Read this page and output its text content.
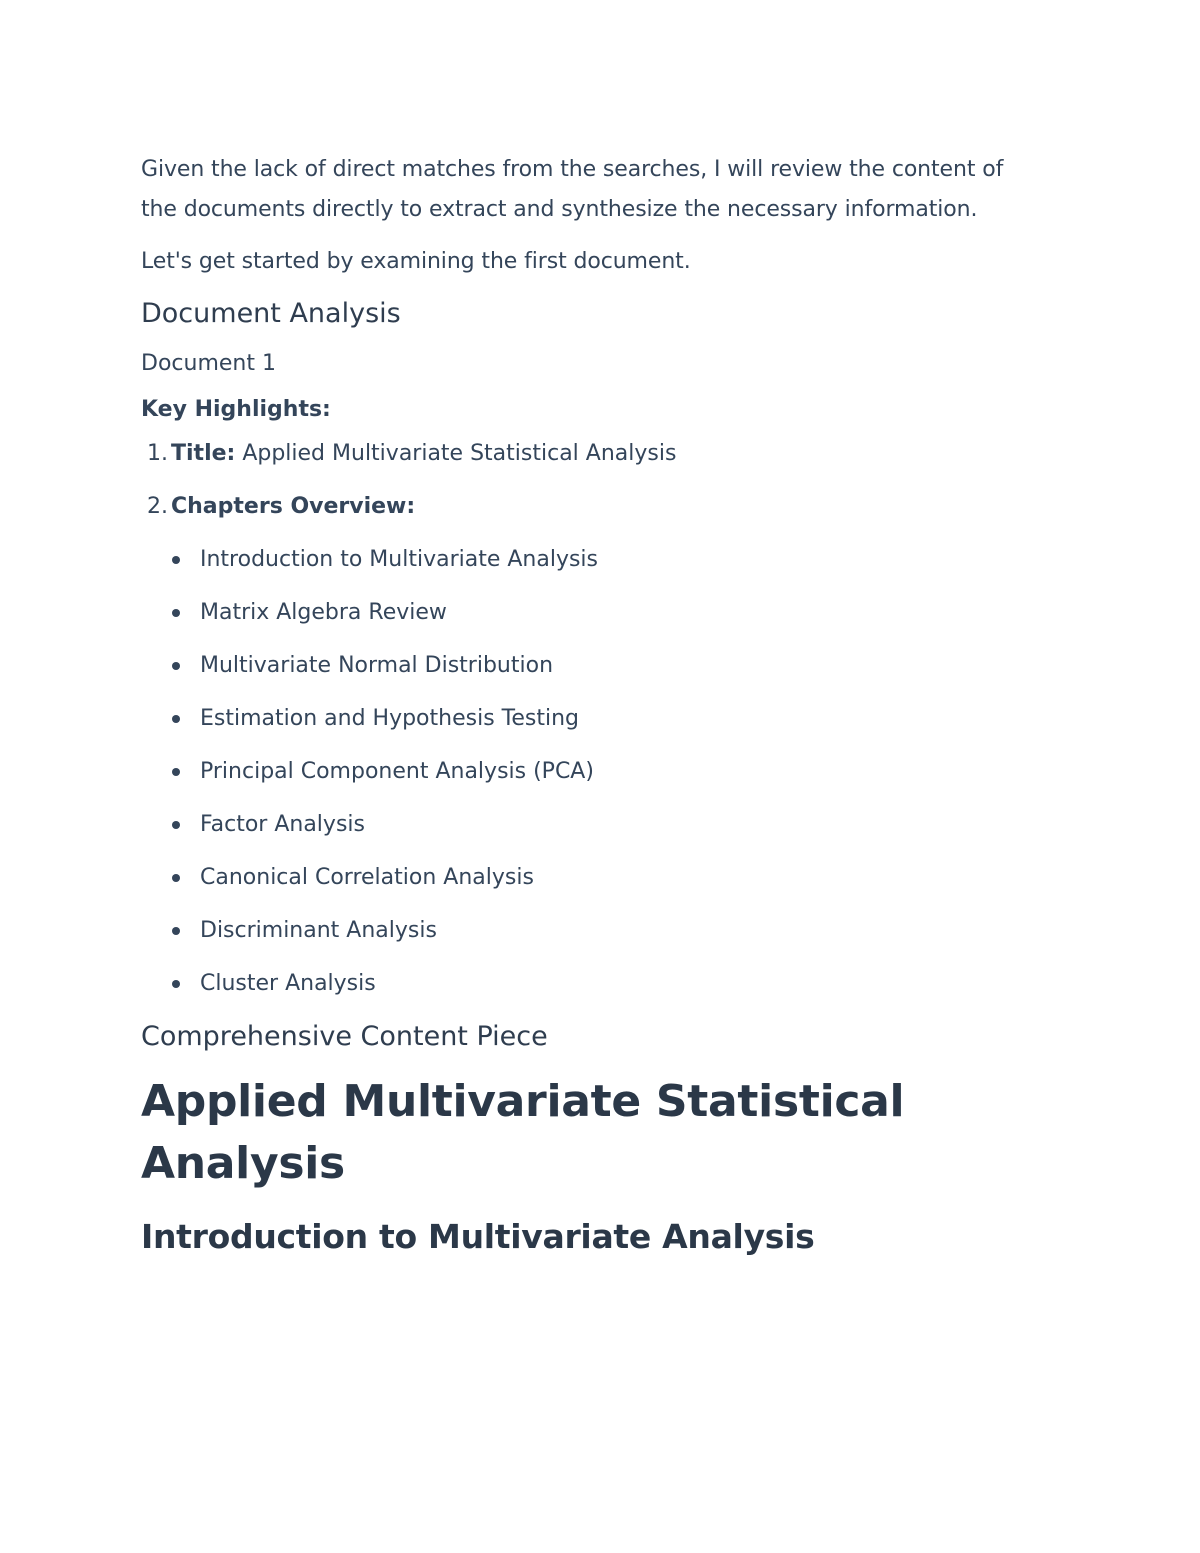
Given the lack of direct matches from the searches, I will review the content of the documents directly to extract and synthesize the necessary information.

Let's get started by examining the first document.

Document Analysis
Document 1
Key Highlights:
1. Title: Applied Multivariate Statistical Analysis
2. Chapters Overview:
Introduction to Multivariate Analysis
Matrix Algebra Review
Multivariate Normal Distribution
Estimation and Hypothesis Testing
Principal Component Analysis (PCA)
Factor Analysis
Canonical Correlation Analysis
Discriminant Analysis
Cluster Analysis
Comprehensive Content Piece
Applied Multivariate Statistical Analysis
Introduction to Multivariate Analysis
